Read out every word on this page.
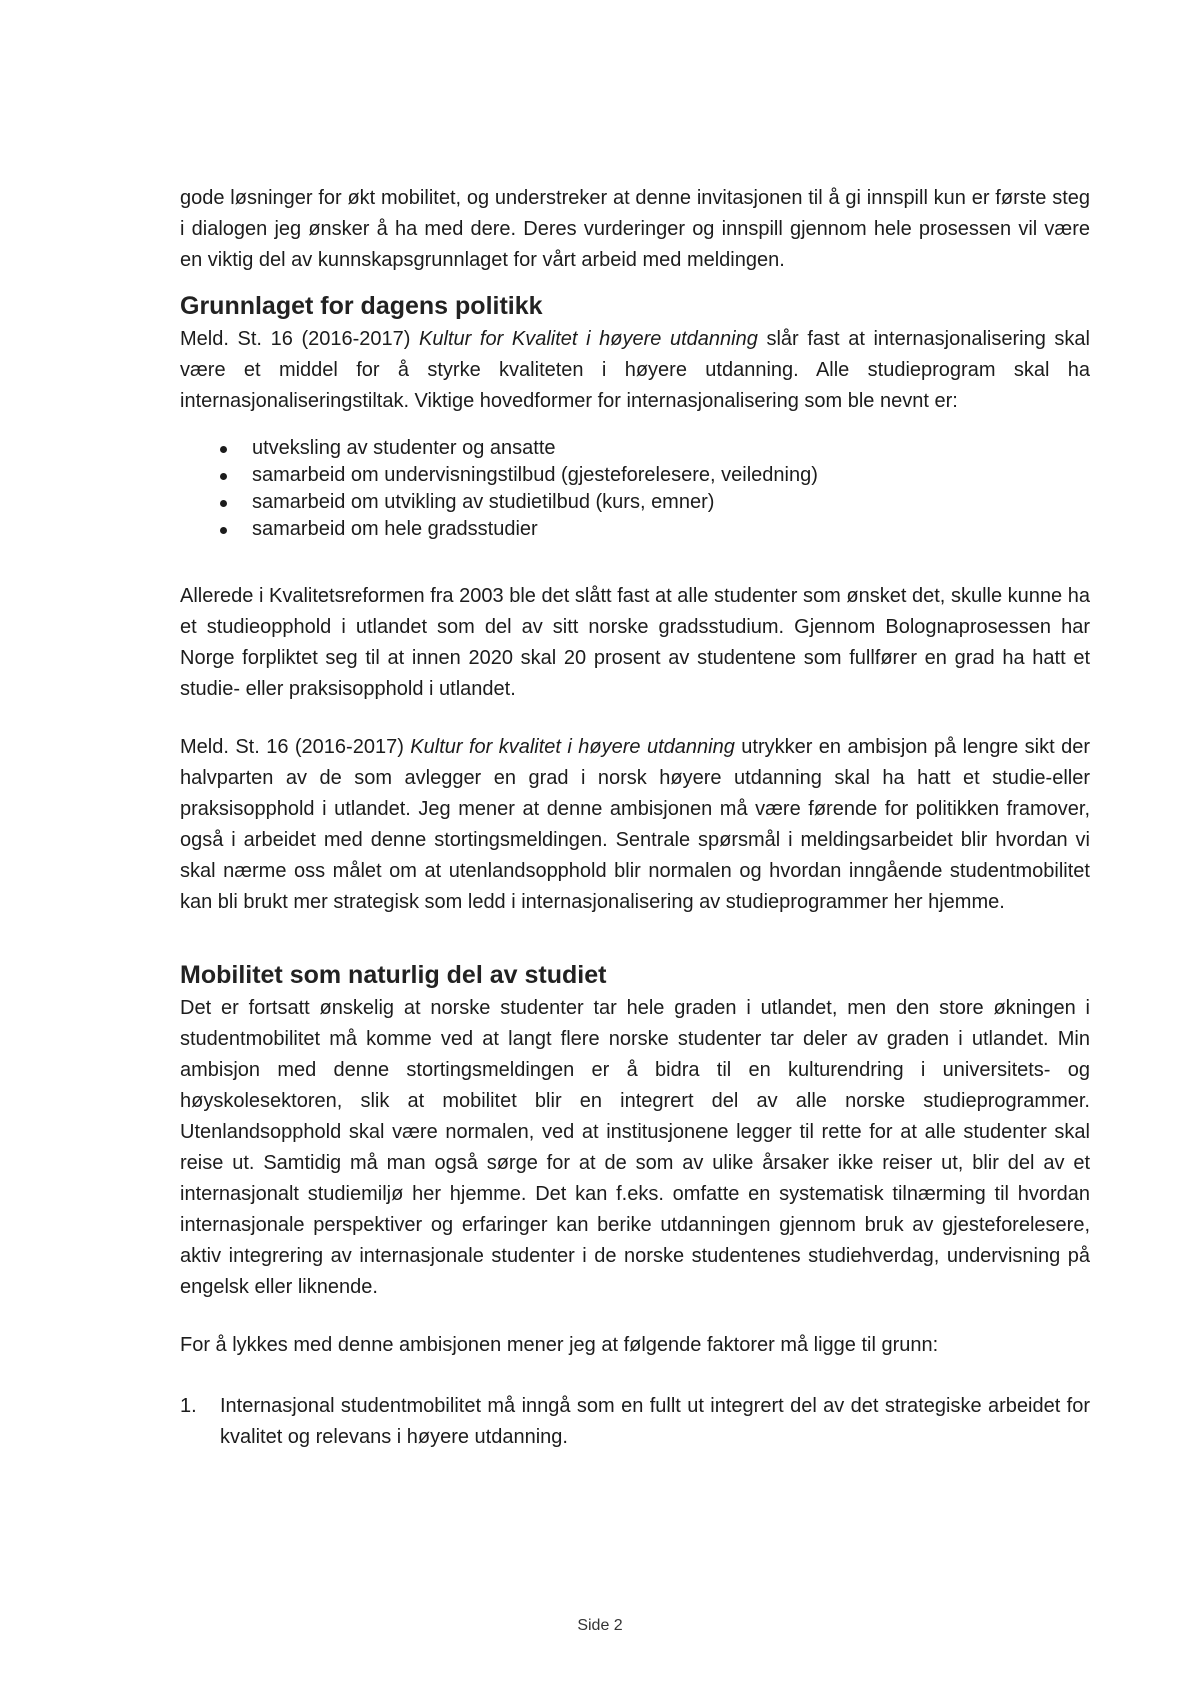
gode løsninger for økt mobilitet, og understreker at denne invitasjonen til å gi innspill kun er første steg i dialogen jeg ønsker å ha med dere. Deres vurderinger og innspill gjennom hele prosessen vil være en viktig del av kunnskapsgrunnlaget for vårt arbeid med meldingen.

Grunnlaget for dagens politikk

Meld. St. 16 (2016-2017) Kultur for Kvalitet i høyere utdanning slår fast at internasjonalisering skal være et middel for å styrke kvaliteten i høyere utdanning. Alle studieprogram skal ha internasjonaliseringstiltak. Viktige hovedformer for internasjonalisering som ble nevnt er:

utveksling av studenter og ansatte
samarbeid om undervisningstilbud (gjesteforelesere, veiledning)
samarbeid om utvikling av studietilbud (kurs, emner)
samarbeid om hele gradsstudier

Allerede i Kvalitetsreformen fra 2003 ble det slått fast at alle studenter som ønsket det, skulle kunne ha et studieopphold i utlandet som del av sitt norske gradsstudium. Gjennom Bolognaprosessen har Norge forpliktet seg til at innen 2020 skal 20 prosent av studentene som fullfører en grad ha hatt et studie- eller praksisopphold i utlandet.

Meld. St. 16 (2016-2017) Kultur for kvalitet i høyere utdanning utrykker en ambisjon på lengre sikt der halvparten av de som avlegger en grad i norsk høyere utdanning skal ha hatt et studie-eller praksisopphold i utlandet. Jeg mener at denne ambisjonen må være førende for politikken framover, også i arbeidet med denne stortingsmeldingen. Sentrale spørsmål i meldingsarbeidet blir hvordan vi skal nærme oss målet om at utenlandsopphold blir normalen og hvordan inngående studentmobilitet kan bli brukt mer strategisk som ledd i internasjonalisering av studieprogrammer her hjemme.

Mobilitet som naturlig del av studiet

Det er fortsatt ønskelig at norske studenter tar hele graden i utlandet, men den store økningen i studentmobilitet må komme ved at langt flere norske studenter tar deler av graden i utlandet. Min ambisjon med denne stortingsmeldingen er å bidra til en kulturendring i universitets- og høyskolesektoren, slik at mobilitet blir en integrert del av alle norske studieprogrammer. Utenlandsopphold skal være normalen, ved at institusjonene legger til rette for at alle studenter skal reise ut. Samtidig må man også sørge for at de som av ulike årsaker ikke reiser ut, blir del av et internasjonalt studiemiljø her hjemme. Det kan f.eks. omfatte en systematisk tilnærming til hvordan internasjonale perspektiver og erfaringer kan berike utdanningen gjennom bruk av gjesteforelesere, aktiv integrering av internasjonale studenter i de norske studentenes studiehverdag, undervisning på engelsk eller liknende.

For å lykkes med denne ambisjonen mener jeg at følgende faktorer må ligge til grunn:

1. Internasjonal studentmobilitet må inngå som en fullt ut integrert del av det strategiske arbeidet for kvalitet og relevans i høyere utdanning.
Side 2
